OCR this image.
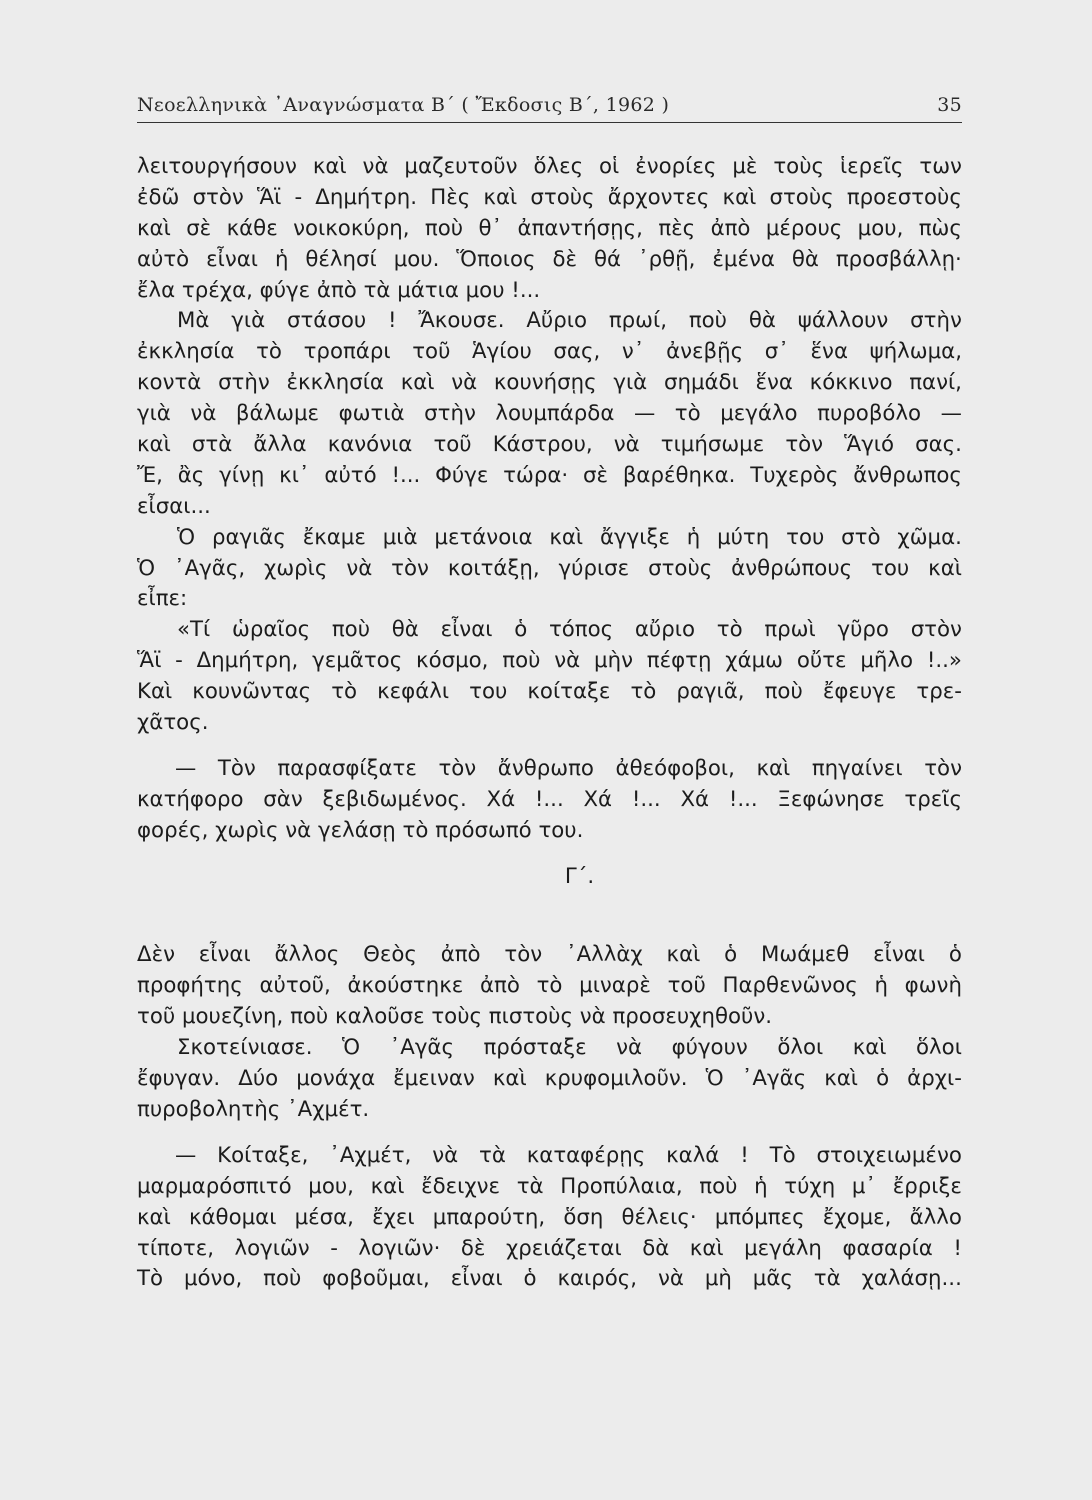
Νεοελληνικὰ ᾿Αναγνώσματα Β΄ ( Ἔκδοσις Β΄, 1962 )	35
λειτουργήσουν καὶ νὰ μαζευτοῦν ὅλες οἱ ἐνορίες μὲ τοὺς ἱερεῖς των
ἐδῶ στὸν Ἅϊ - Δημήτρη. Πὲς καὶ στοὺς ἄρχοντες καὶ στοὺς προεστοὺς
καὶ σὲ κάθε νοικοκύρη, ποὺ θ᾿ ἀπαντήσῃς, πὲς ἀπὸ μέρους μου, πὼς
αὐτὸ εἶναι ἡ θέλησί μου. Ὅποιος δὲ θά ᾿ρθῇ, ἐμένα θὰ προσβάλλῃ·
ἔλα τρέχα, φύγε ἀπὸ τὰ μάτια μου !...
Μὰ γιὰ στάσου ! Ἄκουσε. Αὔριο πρωί, ποὺ θὰ ψάλλουν στὴν
ἐκκλησία τὸ τροπάρι τοῦ Ἁγίου σας, ν᾿ ἀνεβῇς σ᾿ ἕνα ψήλωμα,
κοντὰ στὴν ἐκκλησία καὶ νὰ κουνήσῃς γιὰ σημάδι ἕνα κόκκινο πανί,
γιὰ νὰ βάλωμε φωτιὰ στὴν λουμπάρδα — τὸ μεγάλο πυροβόλο —
καὶ στὰ ἄλλα κανόνια τοῦ Κάστρου, νὰ τιμήσωμε τὸν Ἅγιό σας.
Ἔ, ἂς γίνῃ κι᾿ αὐτό !... Φύγε τώρα· σὲ βαρέθηκα. Τυχερὸς ἄνθρωπος
εἶσαι...
Ὁ ραγιᾶς ἔκαμε μιὰ μετάνοια καὶ ἄγγιξε ἡ μύτη του στὸ χῶμα.
Ὁ ᾿Αγᾶς, χωρὶς νὰ τὸν κοιτάξῃ, γύρισε στοὺς ἀνθρώπους του καὶ
εἶπε:
«Τί ὡραῖος ποὺ θὰ εἶναι ὁ τόπος αὔριο τὸ πρωὶ γῦρο στὸν
Ἅϊ - Δημήτρη, γεμᾶτος κόσμο, ποὺ νὰ μὴν πέφτῃ χάμω οὔτε μῆλο !..»
Καὶ κουνῶντας τὸ κεφάλι του κοίταξε τὸ ραγιᾶ, ποὺ ἔφευγε τρε-
χᾶτος.
— Τὸν παρασφίξατε τὸν ἄνθρωπο ἀθεόφοβοι, καὶ πηγαίνει τὸν
κατήφορο σὰν ξεβιδωμένος. Χά !... Χά !... Χά !... Ξεφώνησε τρεῖς
φορές, χωρὶς νὰ γελάσῃ τὸ πρόσωπό του.
Γ΄.
Δὲν εἶναι ἄλλος Θεὸς ἀπὸ τὸν ᾿Αλλὰχ καὶ ὁ Μωάμεθ εἶναι ὁ
προφήτης αὐτοῦ, ἀκούστηκε ἀπὸ τὸ μιναρὲ τοῦ Παρθενῶνος ἡ φωνὴ
τοῦ μουεζίνη, ποὺ καλοῦσε τοὺς πιστοὺς νὰ προσευχηθοῦν.
Σκοτείνιασε. Ὁ ᾿Αγᾶς πρόσταξε νὰ φύγουν ὅλοι καὶ ὅλοι
ἔφυγαν. Δύο μονάχα ἔμειναν καὶ κρυφομιλοῦν. Ὁ ᾿Αγᾶς καὶ ὁ ἀρχι-
πυροβολητὴς ᾿Αχμέτ.
— Κοίταξε, ᾿Αχμέτ, νὰ τὰ καταφέρῃς καλά ! Τὸ στοιχειωμένο
μαρμαρόσπιτό μου, καὶ ἔδειχνε τὰ Προπύλαια, ποὺ ἡ τύχη μ᾿ ἔρριξε
καὶ κάθομαι μέσα, ἔχει μπαρούτη, ὅση θέλεις· μπόμπες ἔχομε, ἄλλο
τίποτε, λογιῶν - λογιῶν· δὲ χρειάζεται δὰ καὶ μεγάλη φασαρία !
Τὸ μόνο, ποὺ φοβοῦμαι, εἶναι ὁ καιρός, νὰ μὴ μᾶς τὰ χαλάσῃ...
